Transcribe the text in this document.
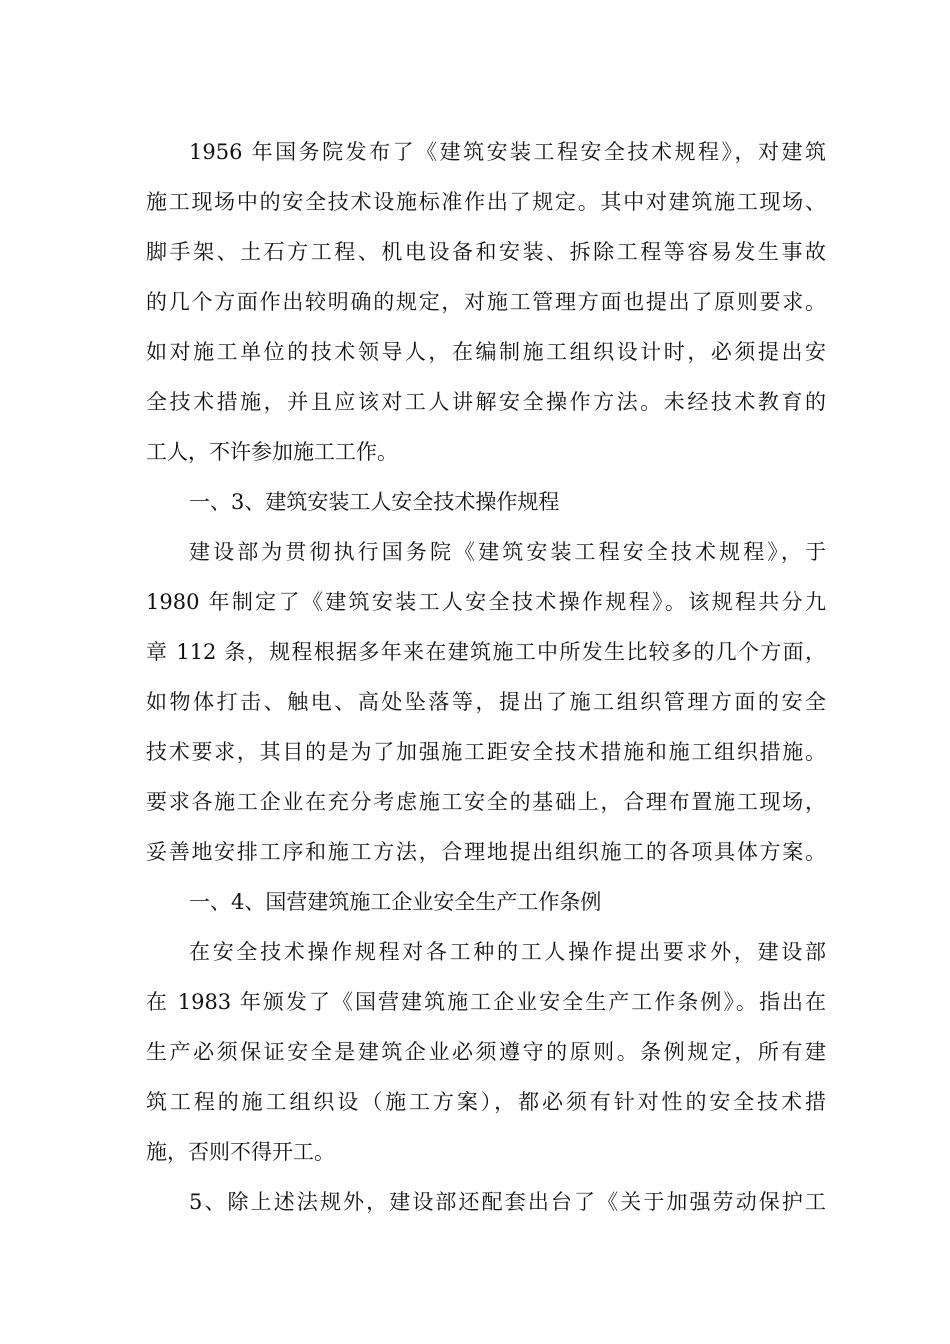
1956 年国务院发布了《建筑安装工程安全技术规程》，对建筑
施工现场中的安全技术设施标准作出了规定。其中对建筑施工现场、
脚手架、土石方工程、机电设备和安装、拆除工程等容易发生事故
的几个方面作出较明确的规定，对施工管理方面也提出了原则要求。
如对施工单位的技术领导人，在编制施工组织设计时，必须提出安
全技术措施，并且应该对工人讲解安全操作方法。未经技术教育的
工人，不许参加施工工作。
一、3、建筑安装工人安全技术操作规程
建设部为贯彻执行国务院《建筑安装工程安全技术规程》，于
1980 年制定了《建筑安装工人安全技术操作规程》。该规程共分九
章 112 条，规程根据多年来在建筑施工中所发生比较多的几个方面，
如物体打击、触电、高处坠落等，提出了施工组织管理方面的安全
技术要求，其目的是为了加强施工距安全技术措施和施工组织措施。
要求各施工企业在充分考虑施工安全的基础上，合理布置施工现场，
妥善地安排工序和施工方法，合理地提出组织施工的各项具体方案。
一、4、国营建筑施工企业安全生产工作条例
在安全技术操作规程对各工种的工人操作提出要求外，建设部
在 1983 年颁发了《国营建筑施工企业安全生产工作条例》。指出在
生产必须保证安全是建筑企业必须遵守的原则。条例规定，所有建
筑工程的施工组织设（施工方案），都必须有针对性的安全技术措
施，否则不得开工。
5、除上述法规外，建设部还配套出台了《关于加强劳动保护工
